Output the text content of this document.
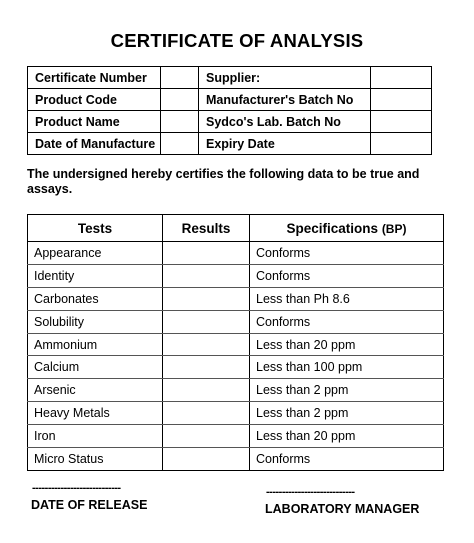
CERTIFICATE OF ANALYSIS
Certificate Number		Supplier:	
Product Code		Manufacturer's Batch No	
Product Name		Sydco's Lab. Batch No	
Date of Manufacture		Expiry Date	
The undersigned hereby certifies the following data to be true and assays.
Tests	Results	Specifications (BP)
Appearance		Conforms
Identity		Conforms
Carbonates		Less than Ph 8.6
Solubility		Conforms
Ammonium		Less than 20 ppm
Calcium		Less than 100 ppm
Arsenic		Less than 2 ppm
Heavy Metals		Less than 2 ppm
Iron		Less than 20 ppm
Micro Status		Conforms
----------------------------
DATE OF RELEASE
----------------------------
LABORATORY MANAGER
